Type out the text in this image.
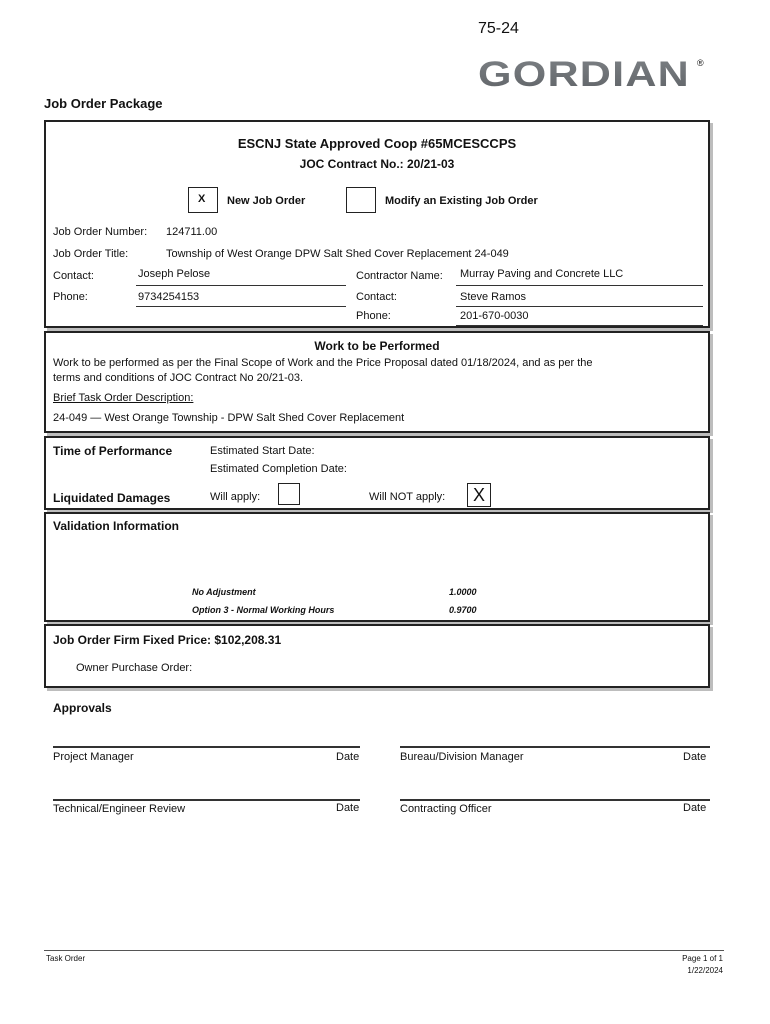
75-24
GORDIAN ®
Job Order Package
ESCNJ State Approved Coop #65MCESCCPS
JOC Contract No.: 20/21-03
X New Job Order	Modify an Existing Job Order
Job Order Number: 124711.00
Job Order Title:	Township of West Orange DPW Salt Shed Cover Replacement 24-049
Contact:	Joseph Pelose	Contractor Name: Murray Paving and Concrete LLC
Phone:	9734254153	Contact:	Steve Ramos
Phone:	201-670-0030
Work to be Performed
Work to be performed as per the Final Scope of Work and the Price Proposal dated 01/18/2024, and as per the
terms and conditions of JOC Contract No 20/21-03.
Brief Task Order Description:
24-049 — West Orange Township - DPW Salt Shed Cover Replacement
Time of Performance	Estimated Start Date:
Estimated Completion Date:
Liquidated Damages	Will apply:	Will NOT apply: X
Validation Information
No Adjustment	1.0000
Option 3 - Normal Working Hours	0.9700
Job Order Firm Fixed Price: $102,208.31
Owner Purchase Order:
Approvals
Project Manager	Date	Bureau/Division Manager	Date
Technical/Engineer Review	Date	Contracting Officer	Date
Task Order	Page 1 of 1
1/22/2024
